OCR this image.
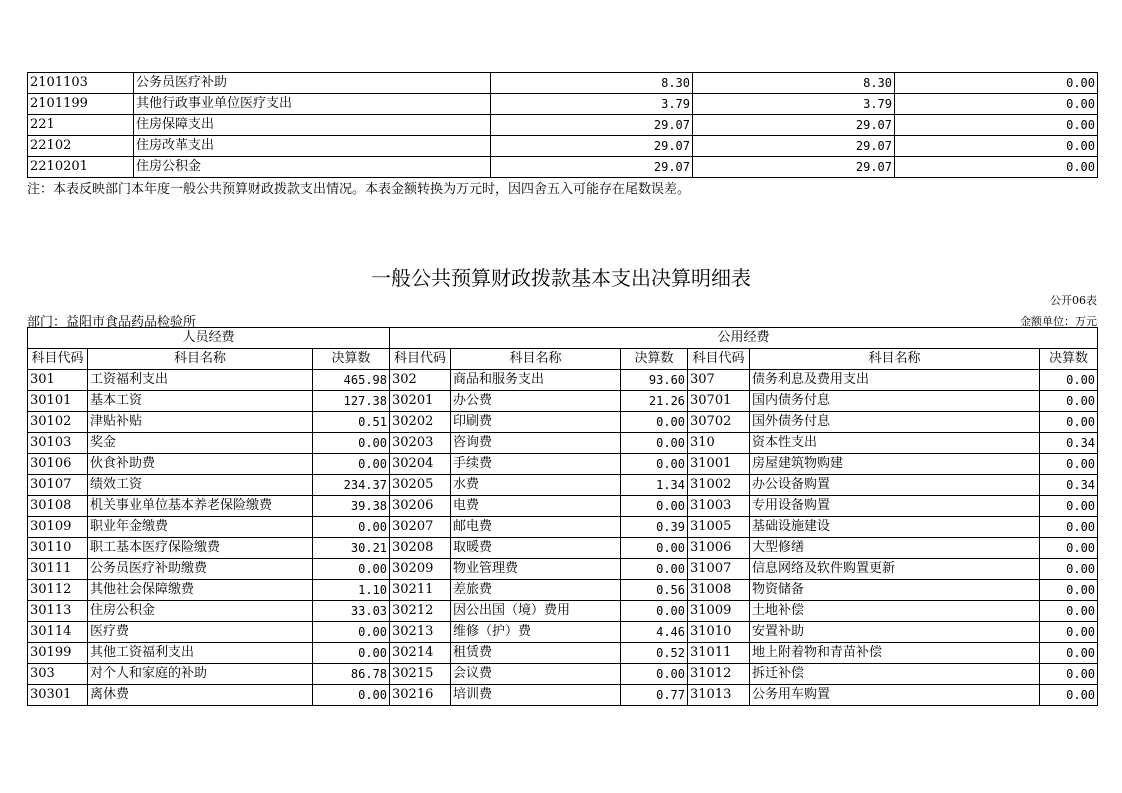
2101103	公务员医疗补助	8.30	8.30	0.00
2101199	其他行政事业单位医疗支出	3.79	3.79	0.00
221	住房保障支出	29.07	29.07	0.00
22102	住房改革支出	29.07	29.07	0.00
2210201	住房公积金	29.07	29.07	0.00
注：本表反映部门本年度一般公共预算财政拨款支出情况。本表金额转换为万元时，因四舍五入可能存在尾数误差。
一般公共预算财政拨款基本支出决算明细表
公开06表
部门：益阳市食品药品检验所	金额单位：万元
人员经费			公用经费					
科目代码	科目名称	决算数	科目代码	科目名称	决算数	科目代码	科目名称	决算数
301	工资福利支出	465.98	302	商品和服务支出	93.60	307	债务利息及费用支出	0.00
30101	基本工资	127.38	30201	办公费	21.26	30701	国内债务付息	0.00
30102	津贴补贴	0.51	30202	印刷费	0.00	30702	国外债务付息	0.00
30103	奖金	0.00	30203	咨询费	0.00	310	资本性支出	0.34
30106	伙食补助费	0.00	30204	手续费	0.00	31001	房屋建筑物购建	0.00
30107	绩效工资	234.37	30205	水费	1.34	31002	办公设备购置	0.34
30108	机关事业单位基本养老保险缴费	39.38	30206	电费	0.00	31003	专用设备购置	0.00
30109	职业年金缴费	0.00	30207	邮电费	0.39	31005	基础设施建设	0.00
30110	职工基本医疗保险缴费	30.21	30208	取暖费	0.00	31006	大型修缮	0.00
30111	公务员医疗补助缴费	0.00	30209	物业管理费	0.00	31007	信息网络及软件购置更新	0.00
30112	其他社会保障缴费	1.10	30211	差旅费	0.56	31008	物资储备	0.00
30113	住房公积金	33.03	30212	因公出国（境）费用	0.00	31009	土地补偿	0.00
30114	医疗费	0.00	30213	维修（护）费	4.46	31010	安置补助	0.00
30199	其他工资福利支出	0.00	30214	租赁费	0.52	31011	地上附着物和青苗补偿	0.00
303	对个人和家庭的补助	86.78	30215	会议费	0.00	31012	拆迁补偿	0.00
30301	离休费	0.00	30216	培训费	0.77	31013	公务用车购置	0.00
